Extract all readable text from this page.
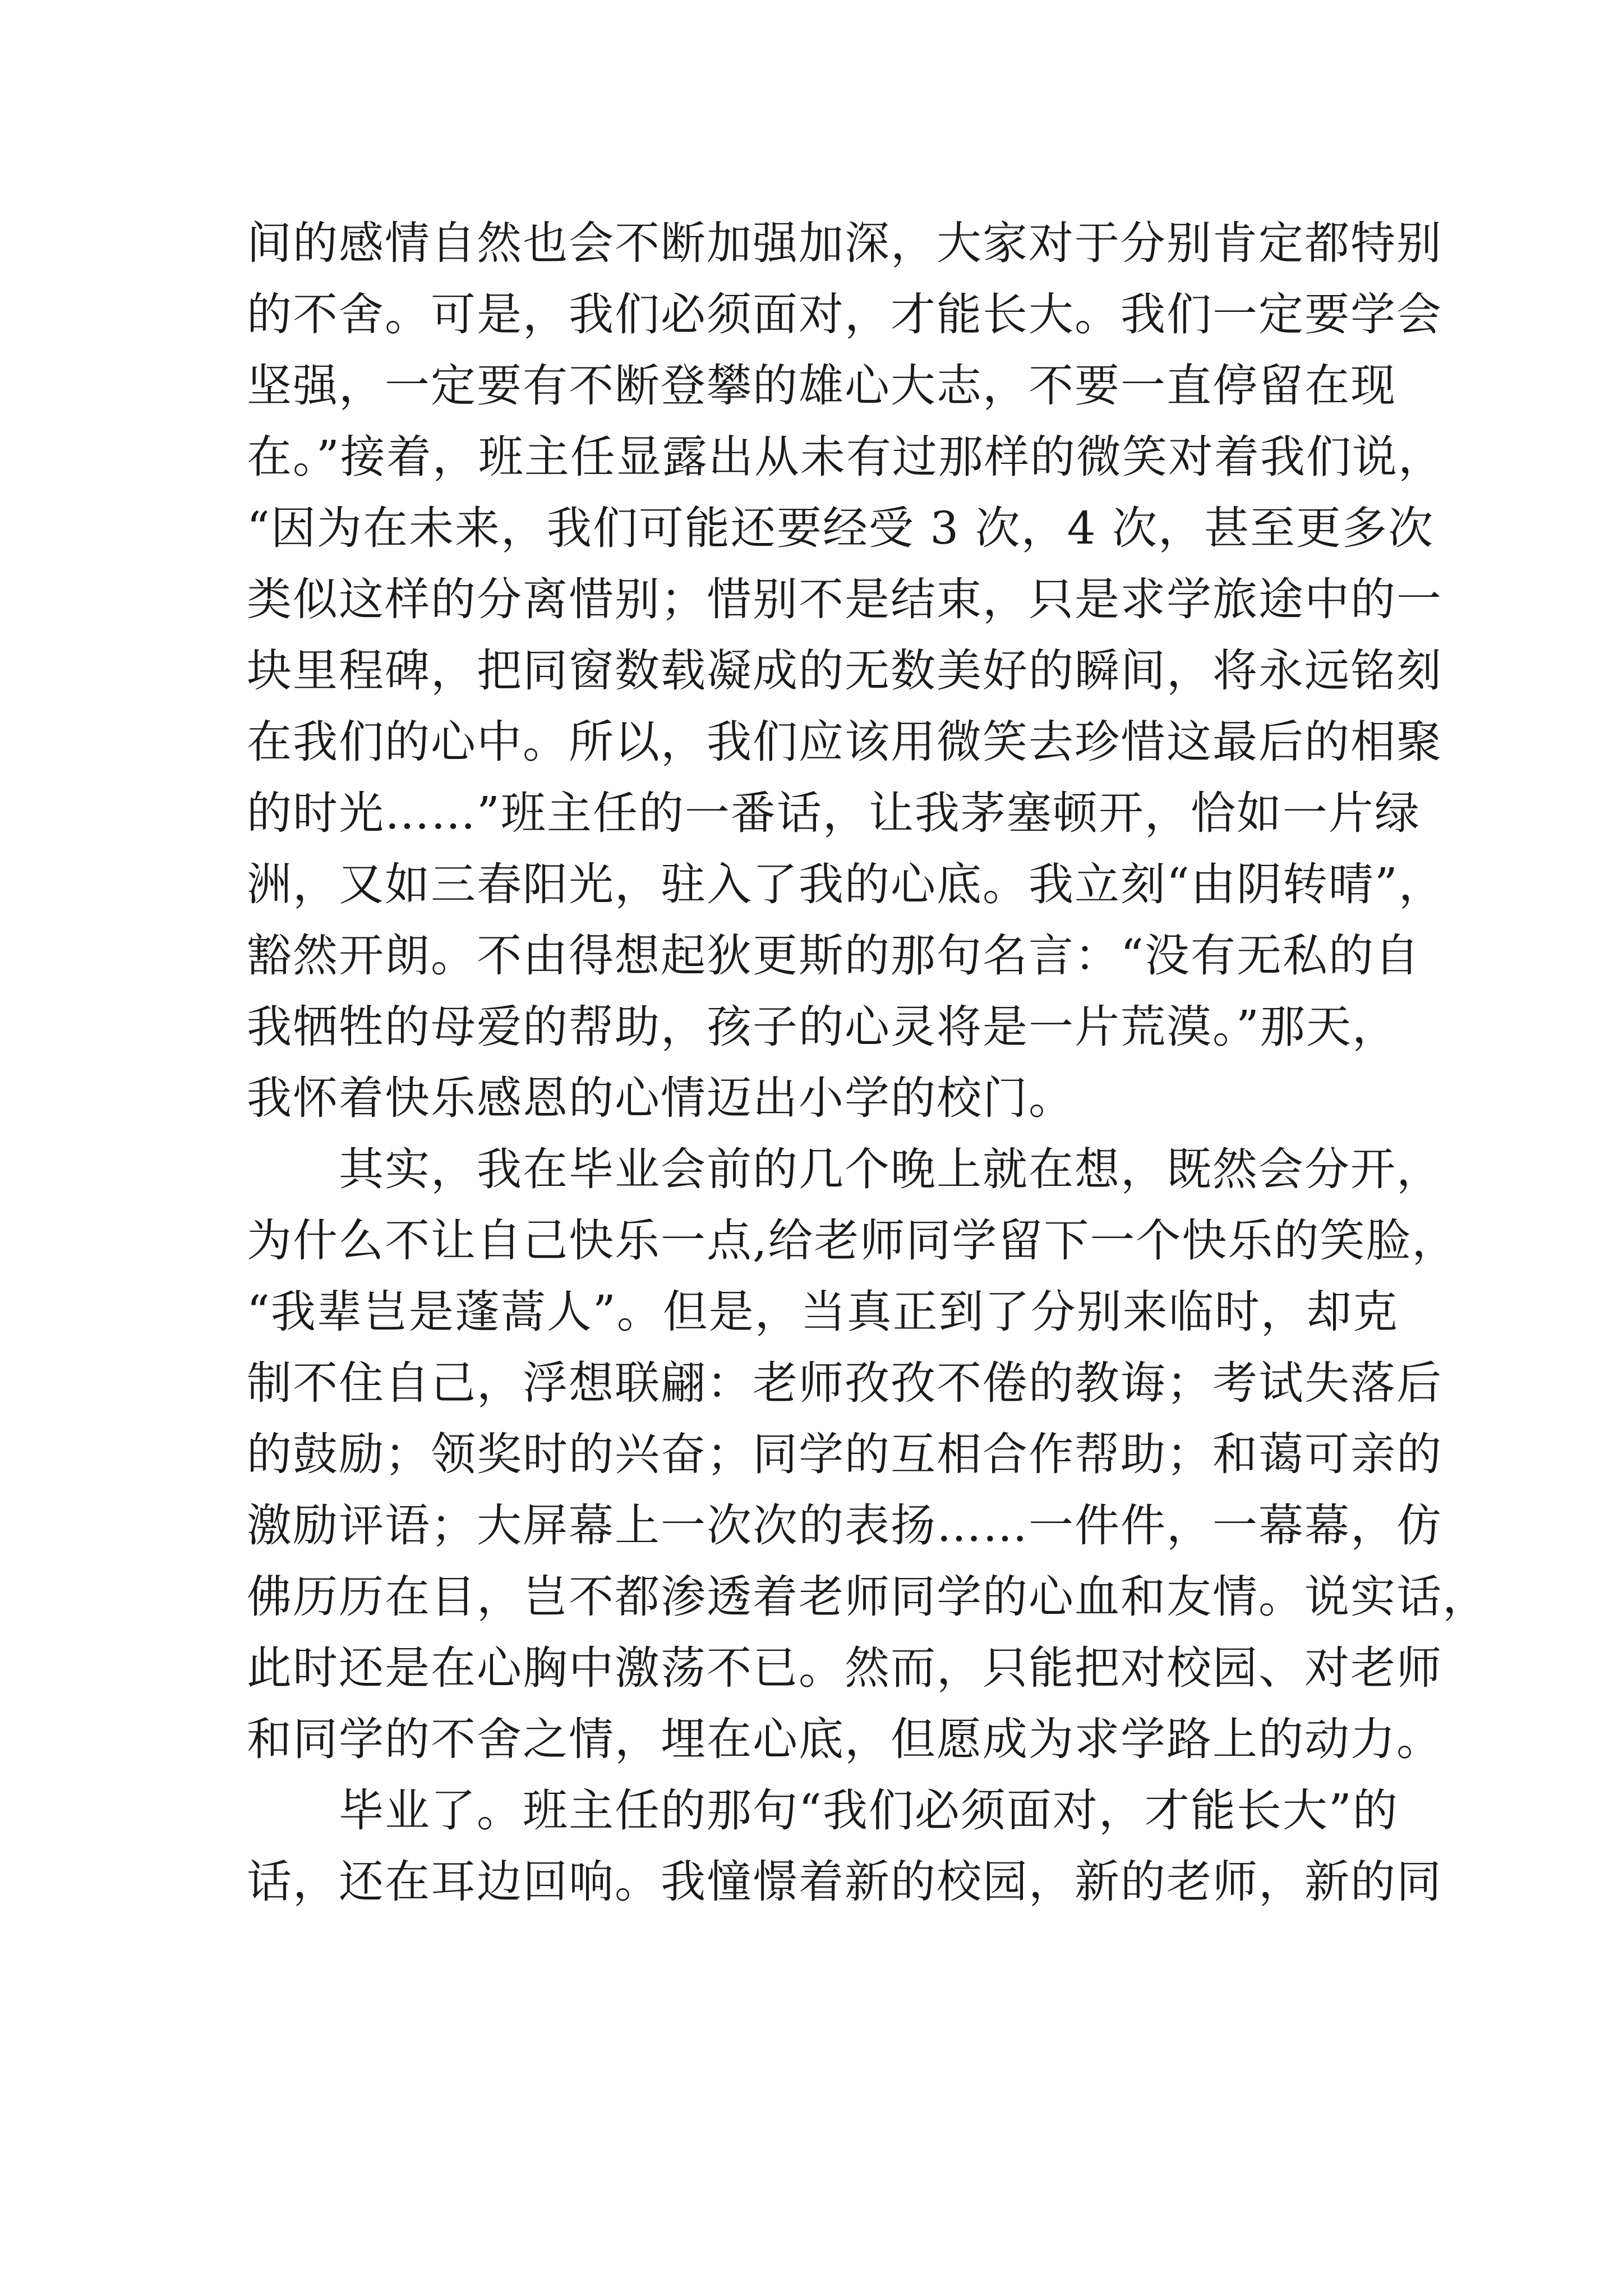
间的感情自然也会不断加强加深，大家对于分别肯定都特别
的不舍。可是，我们必须面对，才能长大。我们一定要学会
坚强，一定要有不断登攀的雄心大志，不要一直停留在现
在。”接着，班主任显露出从未有过那样的微笑对着我们说，
“因为在未来，我们可能还要经受 3 次，4 次，甚至更多次
类似这样的分离惜别；惜别不是结束，只是求学旅途中的一
块里程碑，把同窗数载凝成的无数美好的瞬间，将永远铭刻
在我们的心中。所以，我们应该用微笑去珍惜这最后的相聚
的时光……”班主任的一番话，让我茅塞顿开，恰如一片绿
洲，又如三春阳光，驻入了我的心底。我立刻“由阴转晴”，
豁然开朗。不由得想起狄更斯的那句名言：“没有无私的自
我牺牲的母爱的帮助，孩子的心灵将是一片荒漠。”那天，
我怀着快乐感恩的心情迈出小学的校门。
其实，我在毕业会前的几个晚上就在想，既然会分开，
为什么不让自己快乐一点,给老师同学留下一个快乐的笑脸，
“我辈岂是蓬蒿人”。但是，当真正到了分别来临时，却克
制不住自己，浮想联翩：老师孜孜不倦的教诲；考试失落后
的鼓励；领奖时的兴奋；同学的互相合作帮助；和蔼可亲的
激励评语；大屏幕上一次次的表扬……一件件，一幕幕，仿
佛历历在目，岂不都渗透着老师同学的心血和友情。说实话，
此时还是在心胸中激荡不已。然而，只能把对校园、对老师
和同学的不舍之情，埋在心底，但愿成为求学路上的动力。
毕业了。班主任的那句“我们必须面对，才能长大”的
话，还在耳边回响。我憧憬着新的校园，新的老师，新的同
